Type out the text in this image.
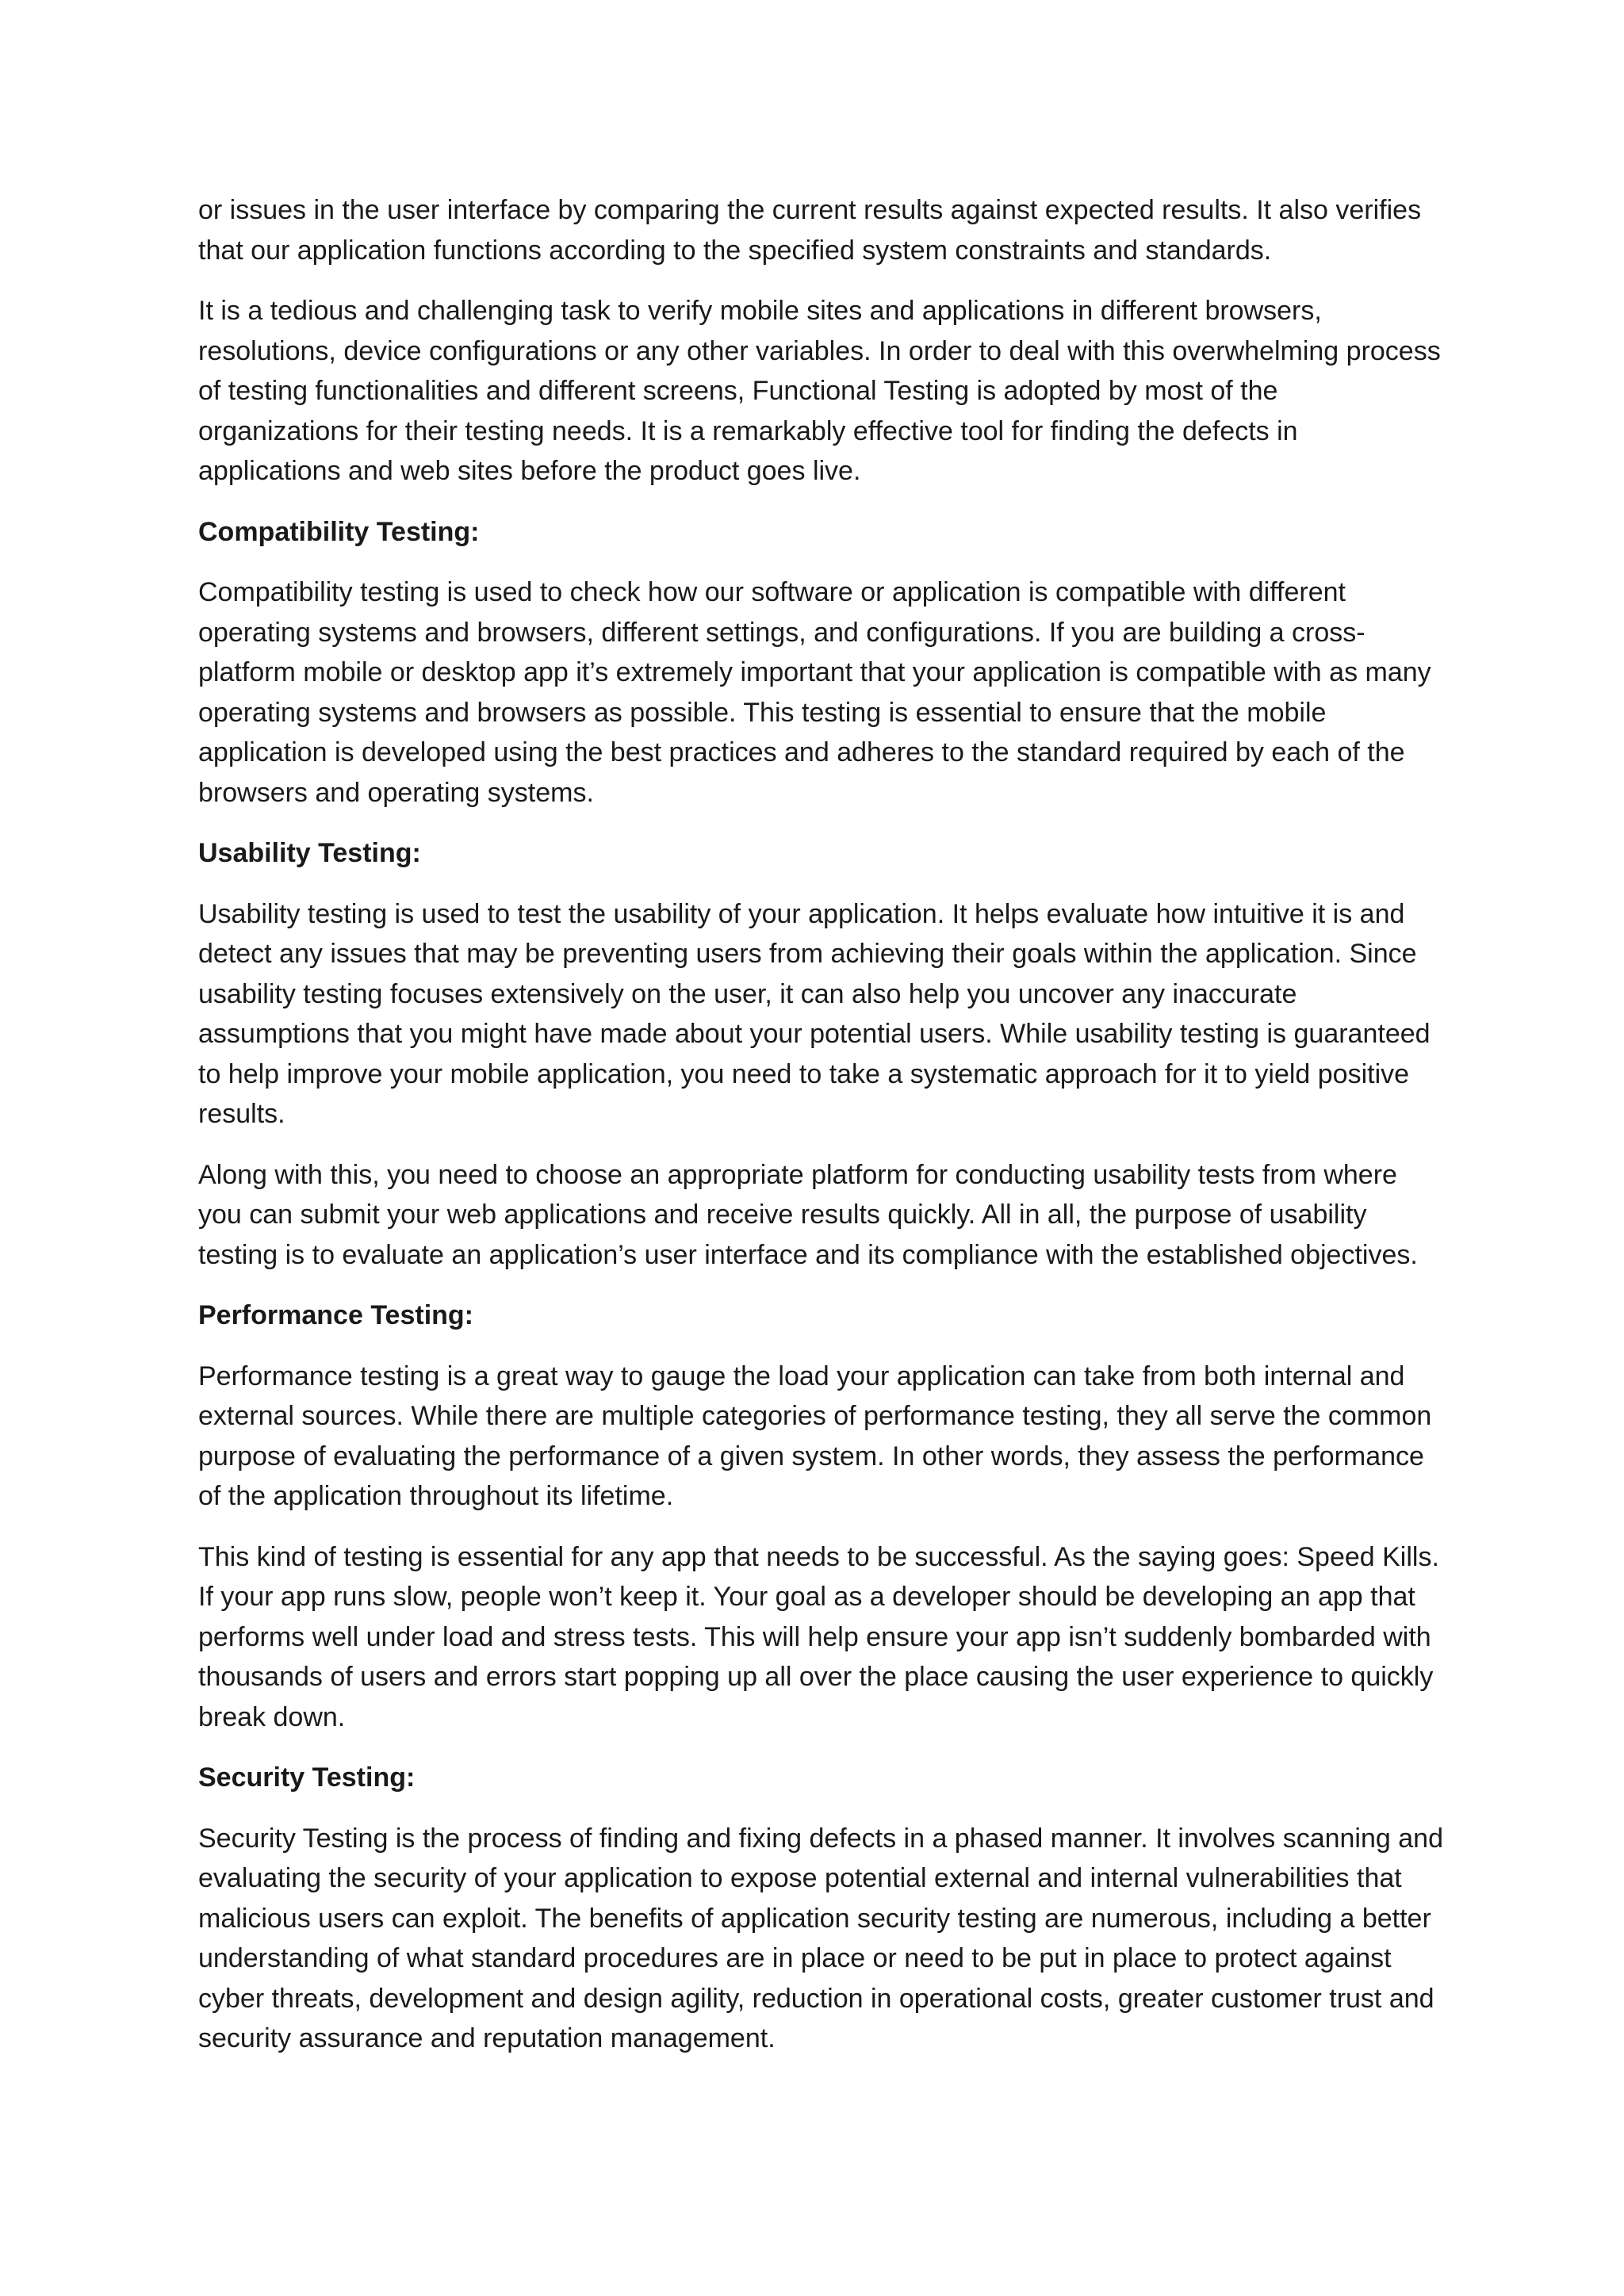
or issues in the user interface by comparing the current results against expected results. It also verifies that our application functions according to the specified system constraints and standards.

It is a tedious and challenging task to verify mobile sites and applications in different browsers, resolutions, device configurations or any other variables. In order to deal with this overwhelming process of testing functionalities and different screens, Functional Testing is adopted by most of the organizations for their testing needs. It is a remarkably effective tool for finding the defects in applications and web sites before the product goes live.

Compatibility Testing:

Compatibility testing is used to check how our software or application is compatible with different operating systems and browsers, different settings, and configurations. If you are building a cross-platform mobile or desktop app it’s extremely important that your application is compatible with as many operating systems and browsers as possible. This testing is essential to ensure that the mobile application is developed using the best practices and adheres to the standard required by each of the browsers and operating systems.

Usability Testing:

Usability testing is used to test the usability of your application. It helps evaluate how intuitive it is and detect any issues that may be preventing users from achieving their goals within the application. Since usability testing focuses extensively on the user, it can also help you uncover any inaccurate assumptions that you might have made about your potential users. While usability testing is guaranteed to help improve your mobile application, you need to take a systematic approach for it to yield positive results.

Along with this, you need to choose an appropriate platform for conducting usability tests from where you can submit your web applications and receive results quickly. All in all, the purpose of usability testing is to evaluate an application’s user interface and its compliance with the established objectives.

Performance Testing:

Performance testing is a great way to gauge the load your application can take from both internal and external sources. While there are multiple categories of performance testing, they all serve the common purpose of evaluating the performance of a given system. In other words, they assess the performance of the application throughout its lifetime.

This kind of testing is essential for any app that needs to be successful. As the saying goes: Speed Kills. If your app runs slow, people won’t keep it. Your goal as a developer should be developing an app that performs well under load and stress tests. This will help ensure your app isn’t suddenly bombarded with thousands of users and errors start popping up all over the place causing the user experience to quickly break down.

Security Testing:

Security Testing is the process of finding and fixing defects in a phased manner. It involves scanning and evaluating the security of your application to expose potential external and internal vulnerabilities that malicious users can exploit. The benefits of application security testing are numerous, including a better understanding of what standard procedures are in place or need to be put in place to protect against cyber threats, development and design agility, reduction in operational costs, greater customer trust and security assurance and reputation management.
